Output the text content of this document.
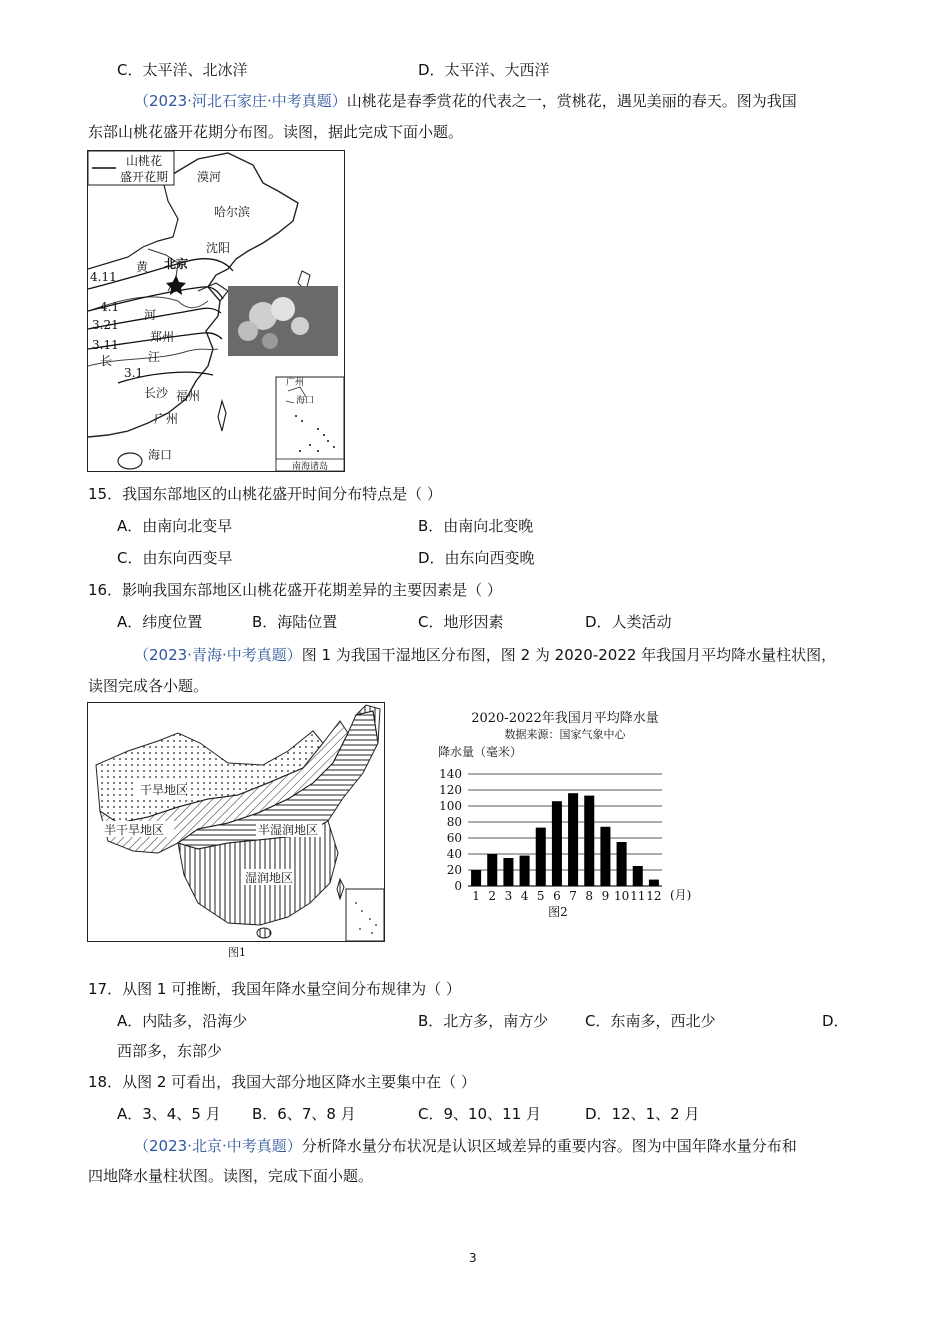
C．太平洋、北冰洋	D．太平洋、大西洋
（2023·河北石家庄·中考真题）山桃花是春季赏花的代表之一，赏桃花，遇见美丽的春天。图为我国
东部山桃花盛开花期分布图。读图，据此完成下面小题。
山桃花
盛开花期 漠河
哈尔滨
沈阳
北京
郑州
长沙 福州
广州
海口
黄
河
长	江
4.11
4.1
3.21
3.11
3.1
广州
海口
南海诸岛
15．我国东部地区的山桃花盛开时间分布特点是（ ）
A．由南向北变早	B．由南向北变晚
C．由东向西变早	D．由东向西变晚
16．影响我国东部地区山桃花盛开花期差异的主要因素是（ ）
A．纬度位置	B．海陆位置	C．地形因素	D．人类活动
（2023·青海·中考真题）图 1 为我国干湿地区分布图，图 2 为 2020-2022 年我国月平均降水量柱状图，
读图完成各小题。
干旱地区
半干旱地区	半湿润地区
湿润地区
图1
2020-2022年我国月平均降水量
数据来源：国家气象中心
降水量（毫米）
0
20
40
60
80
100
120
140
1 2 3 4 5 6 7 8 9 10 11 12 (月)
图2
17．从图 1 可推断，我国年降水量空间分布规律为（ ）
A．内陆多，沿海少	B．北方多，南方少 C．东南多，西北少	D．
西部多，东部少
18．从图 2 可看出，我国大部分地区降水主要集中在（ ）
A．3、4、5 月 B．6、7、8 月	C．9、10、11 月	D．12、1、2 月
（2023·北京·中考真题）分析降水量分布状况是认识区域差异的重要内容。图为中国年降水量分布和
四地降水量柱状图。读图，完成下面小题。
3
